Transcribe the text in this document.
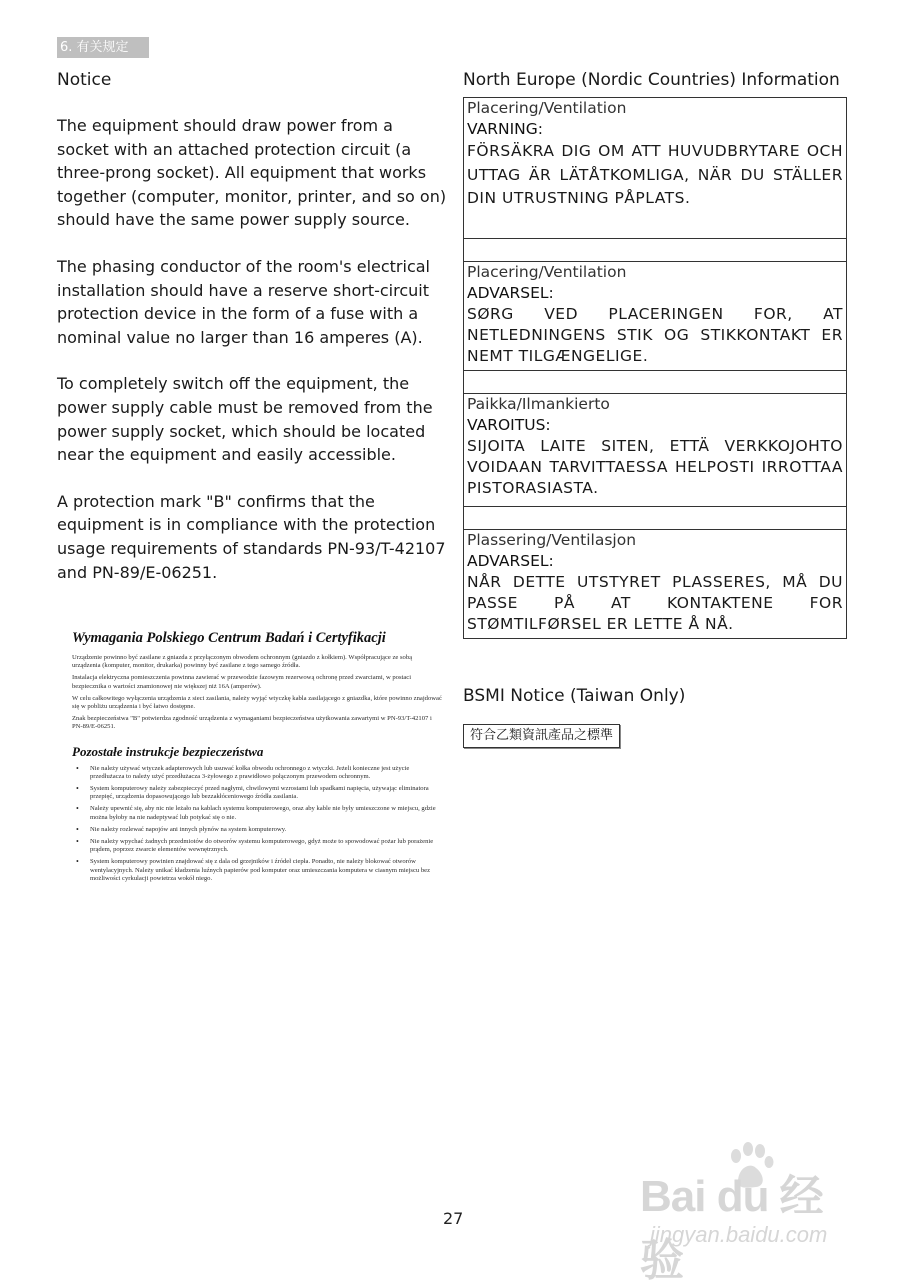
6. 有关规定
Notice

The equipment should draw power from a socket with an attached protection circuit (a three-prong socket). All equipment that works together (computer, monitor, printer, and so on) should have the same power supply source.

The phasing conductor of the room's electrical installation should have a reserve short-circuit protection device in the form of a fuse with a nominal value no larger than 16 amperes (A).

To completely switch off the equipment, the power supply cable must be removed from the power supply socket, which should be located near the equipment and easily accessible.

A protection mark "B" confirms that the equipment is in compliance with the protection usage requirements of standards PN-93/T-42107 and PN-89/E-06251.

Wymagania Polskiego Centrum Badań i Certyfikacji

Urządzenie powinno być zasilane z gniazda z przyłączonym obwodem ochronnym (gniazdo z kołkiem). Współpracujące ze sobą urządzenia (komputer, monitor, drukarka) powinny być zasilane z tego samego źródła.

Instalacja elektryczna pomieszczenia powinna zawierać w przewodzie fazowym rezerwową ochronę przed zwarciami, w postaci bezpiecznika o wartości znamionowej nie większej niż 16A (amperów).

W celu całkowitego wyłączenia urządzenia z sieci zasilania, należy wyjąć wtyczkę kabla zasilającego z gniazdka, które powinno znajdować się w pobliżu urządzenia i być łatwo dostępne.

Znak bezpieczeństwa "B" potwierdza zgodność urządzenia z wymaganiami bezpieczeństwa użytkowania zawartymi w PN-93/T-42107 i PN-89/E-06251.

Pozostałe instrukcje bezpieczeństwa
• Nie należy używać wtyczek adapterowych lub usuwać kołka obwodu ochronnego z wtyczki. Jeżeli konieczne jest użycie przedłużacza to należy użyć przedłużacza 3-żyłowego z prawidłowo połączonym przewodem ochronnym.
• System komputerowy należy zabezpieczyć przed nagłymi, chwilowymi wzrostami lub spadkami napięcia, używając eliminatora przepięć, urządzenia dopasowującego lub bezzakłóceniowego źródła zasilania.
• Należy upewnić się, aby nic nie leżało na kablach systemu komputerowego, oraz aby kable nie były umieszczone w miejscu, gdzie można byłoby na nie nadeptywać lub potykać się o nie.
• Nie należy rozlewać napojów ani innych płynów na system komputerowy.
• Nie należy wpychać żadnych przedmiotów do otworów systemu komputerowego, gdyż może to spowodować pożar lub porażenie prądem, poprzez zwarcie elementów wewnętrznych.
• System komputerowy powinien znajdować się z dala od grzejników i źródeł ciepła. Ponadto, nie należy blokować otworów wentylacyjnych. Należy unikać kładzenia luźnych papierów pod komputer oraz umieszczania komputera w ciasnym miejscu bez możliwości cyrkulacji powietrza wokół niego.
North Europe (Nordic Countries) Information
Placering/Ventilation
VARNING:
FÖRSÄKRA DIG OM ATT HUVUDBRYTARE OCH UTTAG ÄR LÄTÅTKOMLIGA, NÄR DU STÄLLER DIN UTRUSTNING PÅPLATS.

Placering/Ventilation
ADVARSEL:
SØRG VED PLACERINGEN FOR, AT NETLEDNINGENS STIK OG STIKKONTAKT ER NEMT TILGÆNGELIGE.

Paikka/Ilmankierto
VAROITUS:
SIJOITA LAITE SITEN, ETTÄ VERKKOJOHTO VOIDAAN TARVITTAESSA HELPOSTI IRROTTAA PISTORASIASTA.

Plassering/Ventilasjon
ADVARSEL:
NÅR DETTE UTSTYRET PLASSERES, MÅ DU PASSE PÅ AT KONTAKTENE FOR STØMTILFØRSEL ER LETTE Å NÅ.
BSMI Notice (Taiwan Only)
符合乙類資訊產品之標準
27	Bai du 经验
jingyan.baidu.com
